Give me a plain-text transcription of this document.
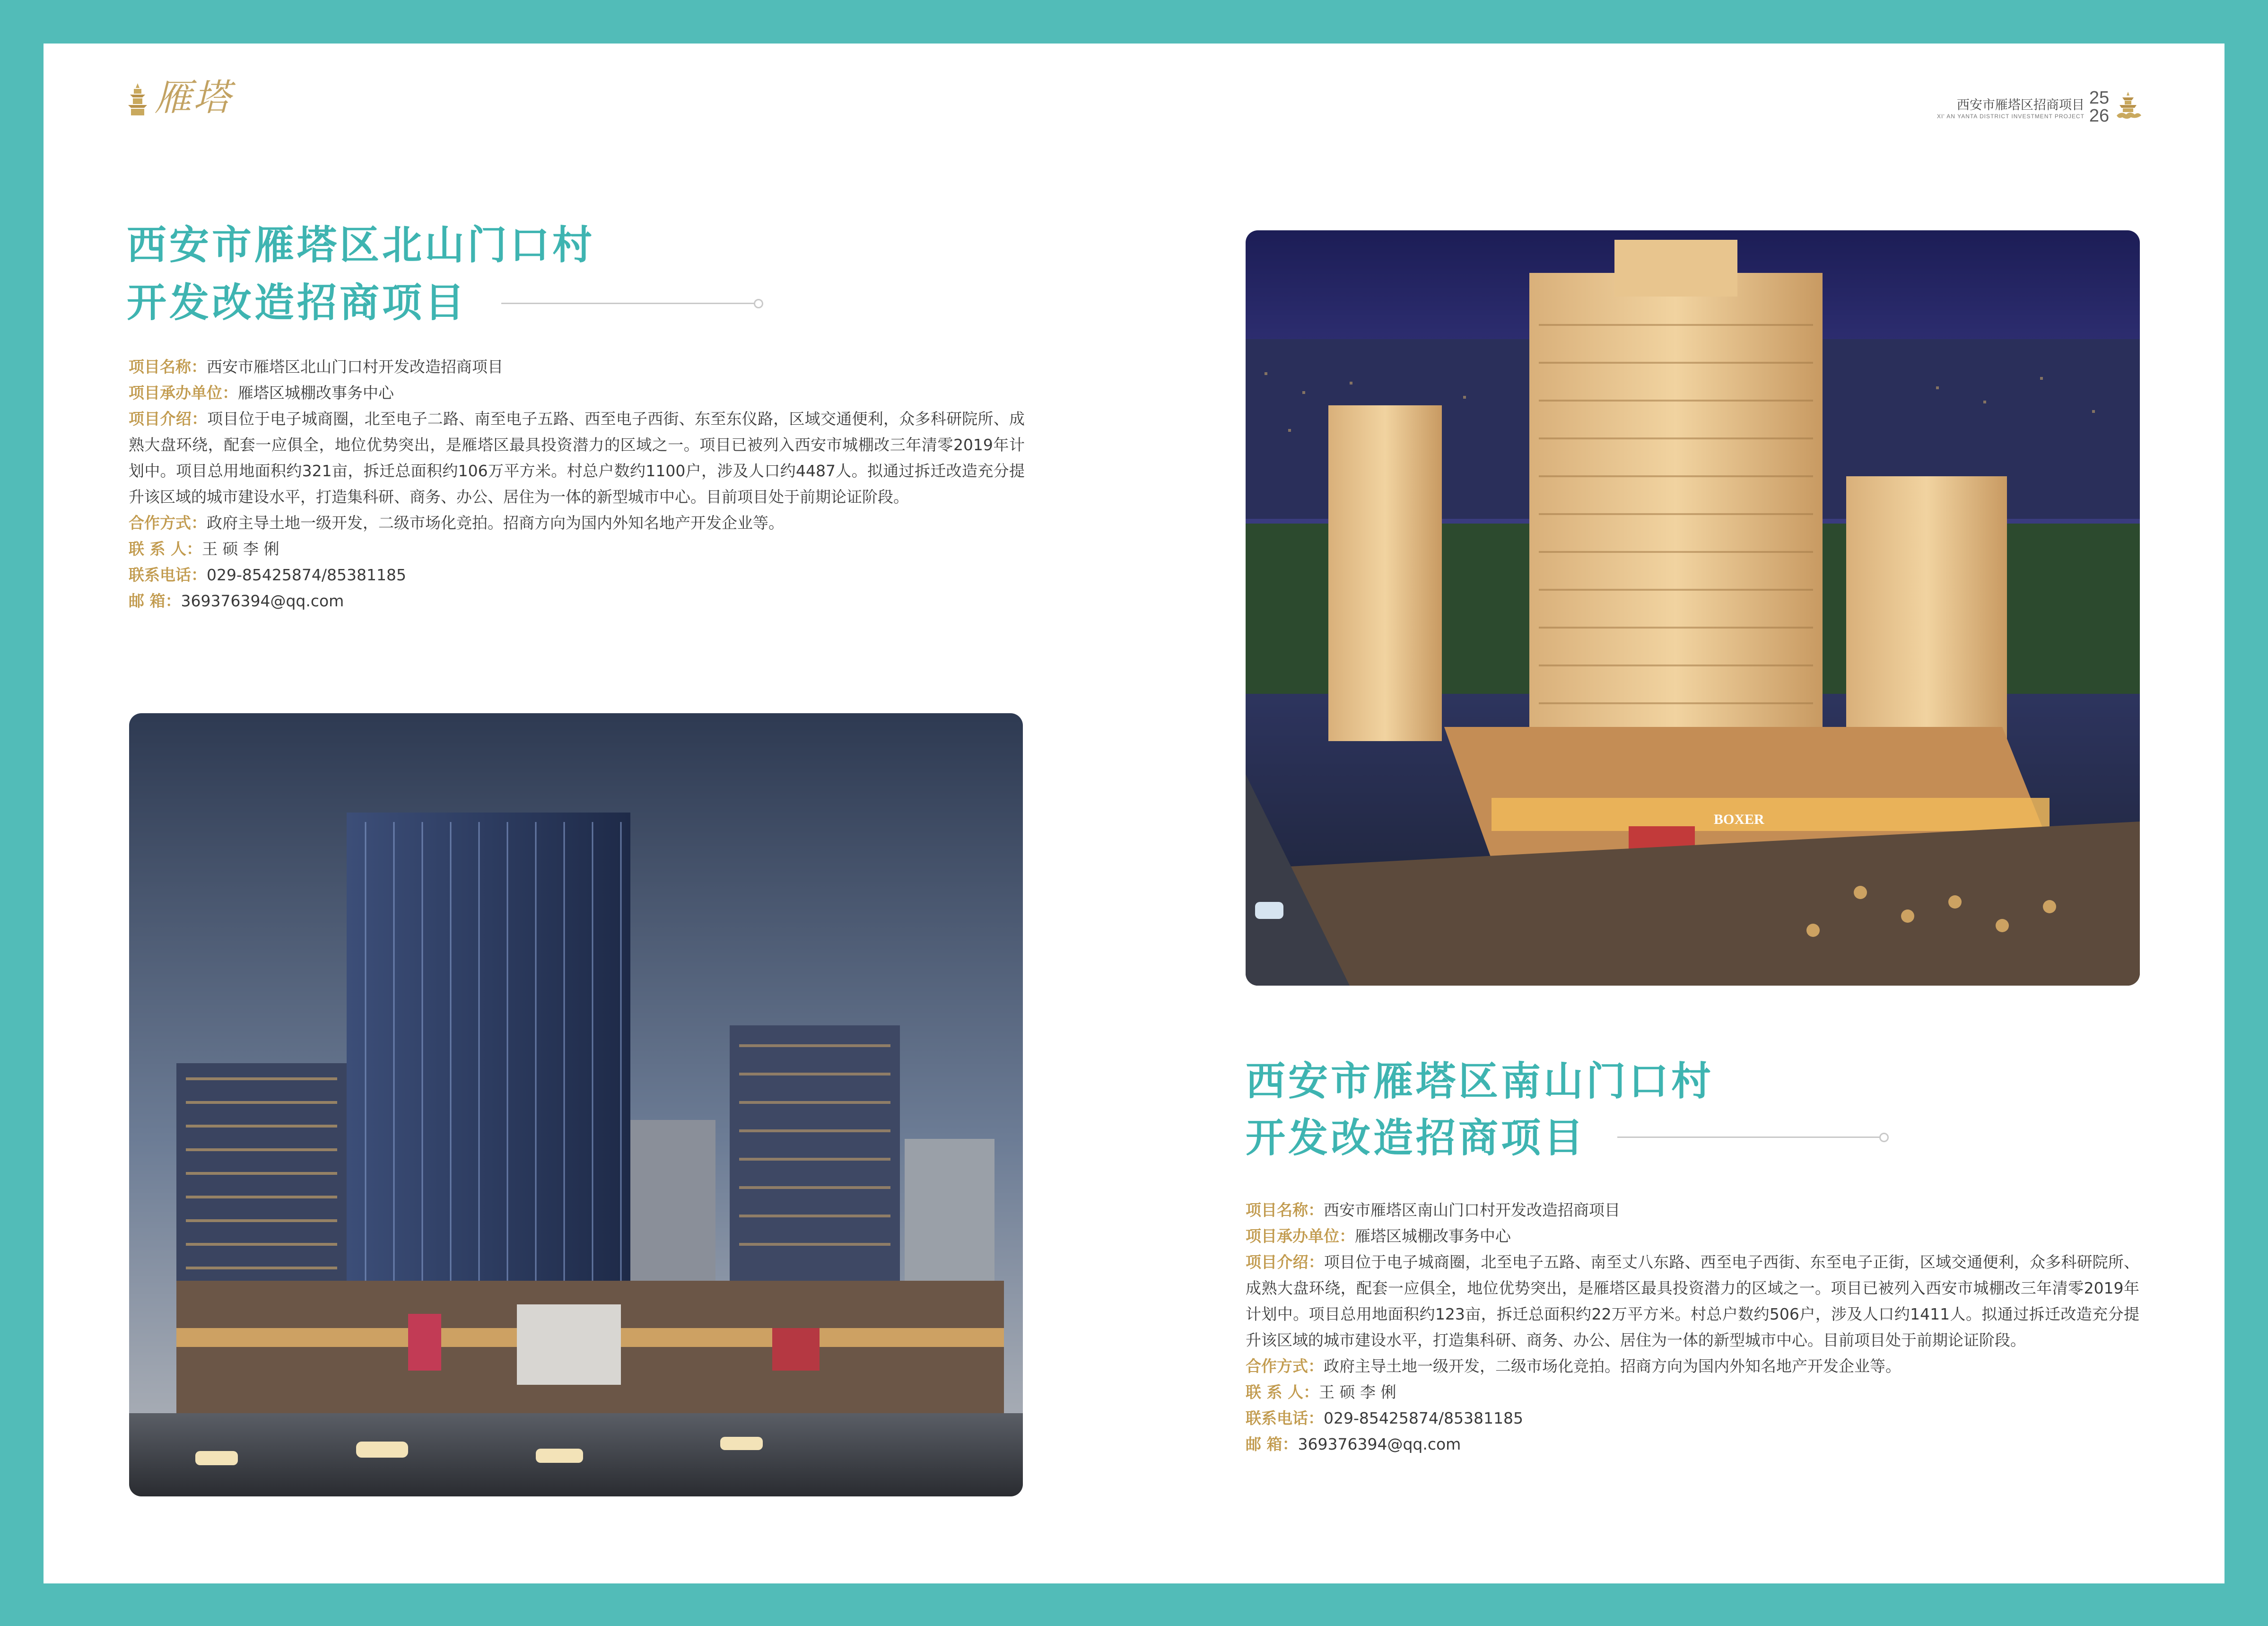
雁塔	西安市雁塔区招商项目
XI' AN YANTA DISTRICT INVESTMENT PROJECT
25
26
西安市雁塔区北山门口村
开发改造招商项目
项目名称：西安市雁塔区北山门口村开发改造招商项目
项目承办单位：雁塔区城棚改事务中心
项目介绍：项目位于电子城商圈，北至电子二路、南至电子五路、西至电子西街、东至东仪路，区域交通便利，众多科研院所、成熟大盘环绕，配套一应俱全，地位优势突出，是雁塔区最具投资潜力的区域之一。项目已被列入西安市城棚改三年清零2019年计划中。项目总用地面积约321亩，拆迁总面积约106万平方米。村总户数约1100户，涉及人口约4487人。拟通过拆迁改造充分提升该区域的城市建设水平，打造集科研、商务、办公、居住为一体的新型城市中心。目前项目处于前期论证阶段。
合作方式：政府主导土地一级开发，二级市场化竞拍。招商方向为国内外知名地产开发企业等。
联 系 人：王 硕 李 俐
联系电话：029-85425874/85381185
邮 箱：369376394@qq.com
BOXER
西安市雁塔区南山门口村
开发改造招商项目
项目名称：西安市雁塔区南山门口村开发改造招商项目
项目承办单位：雁塔区城棚改事务中心
项目介绍：项目位于电子城商圈，北至电子五路、南至丈八东路、西至电子西街、东至电子正街，区域交通便利，众多科研院所、成熟大盘环绕，配套一应俱全，地位优势突出，是雁塔区最具投资潜力的区域之一。项目已被列入西安市城棚改三年清零2019年计划中。项目总用地面积约123亩，拆迁总面积约22万平方米。村总户数约506户，涉及人口约1411人。拟通过拆迁改造充分提升该区域的城市建设水平，打造集科研、商务、办公、居住为一体的新型城市中心。目前项目处于前期论证阶段。
合作方式：政府主导土地一级开发，二级市场化竞拍。招商方向为国内外知名地产开发企业等。
联 系 人：王 硕 李 俐
联系电话：029-85425874/85381185
邮 箱：369376394@qq.com
